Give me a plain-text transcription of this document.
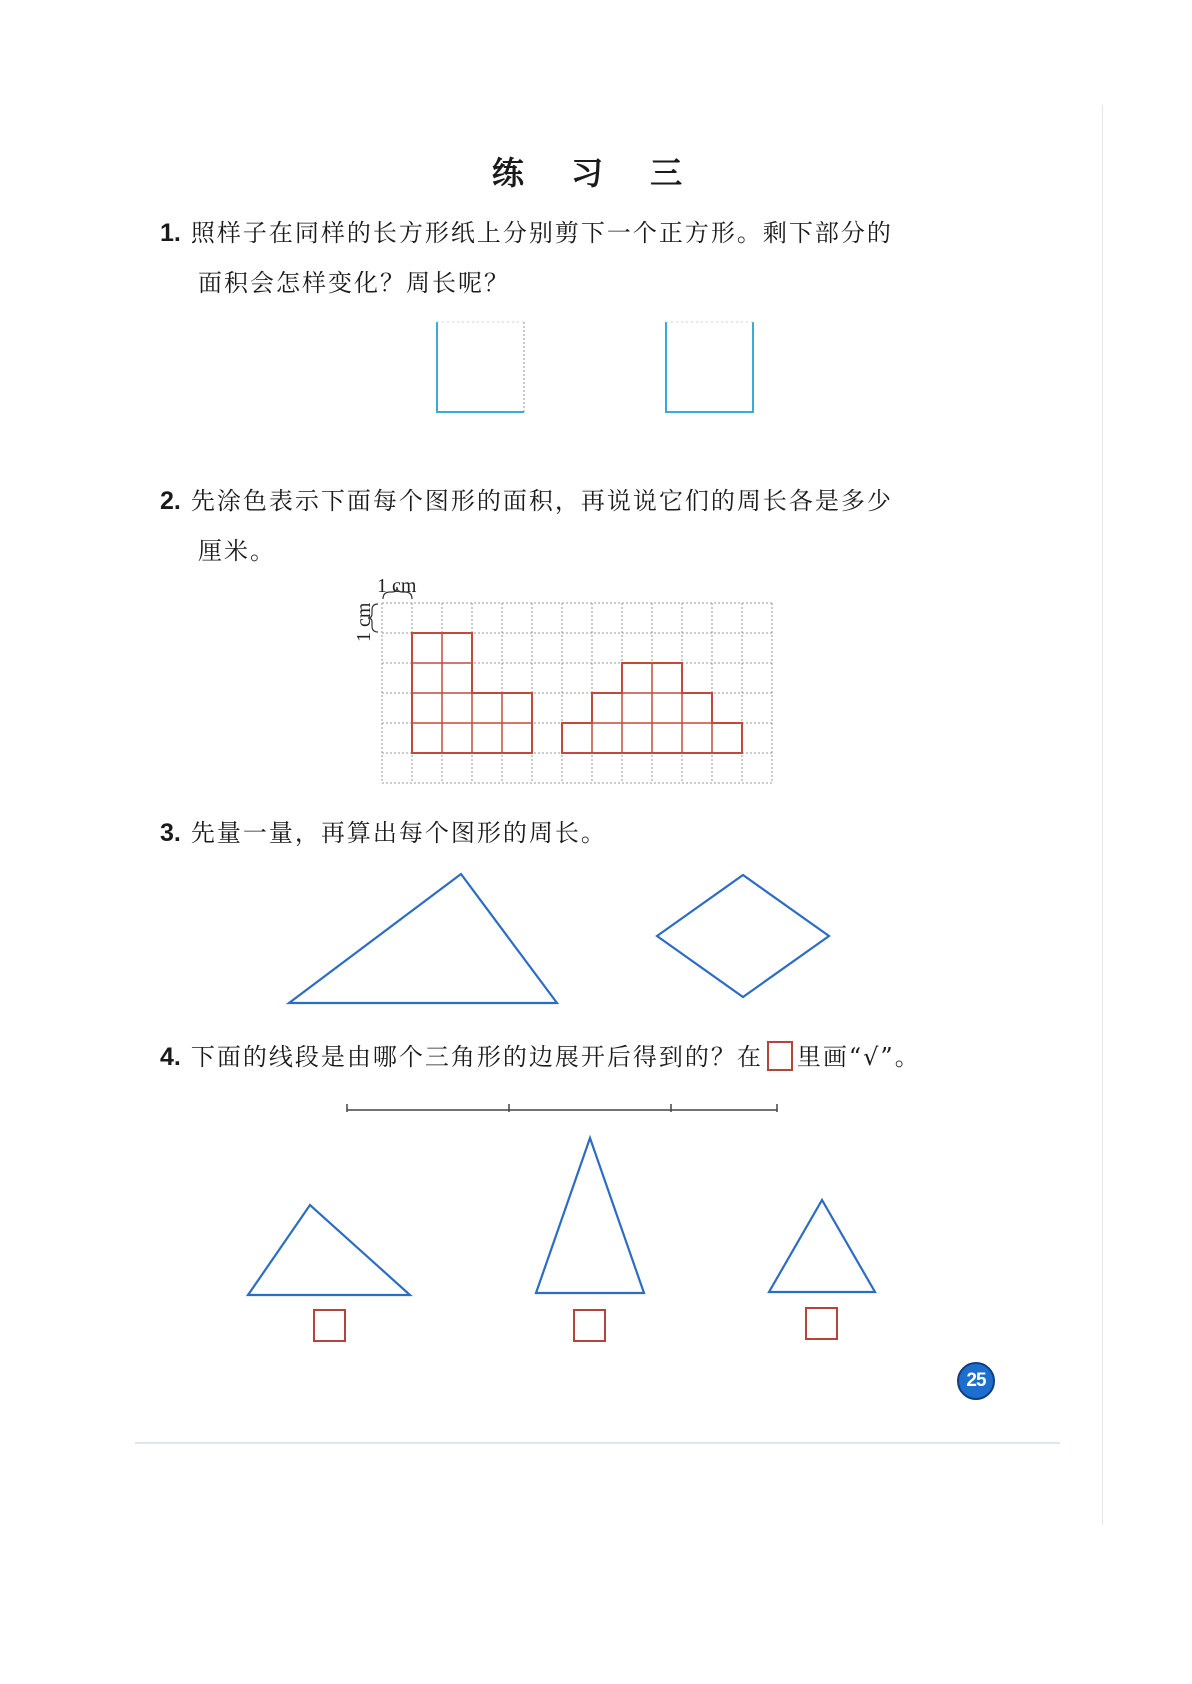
练 习 三
1. 照样子在同样的长方形纸上分别剪下一个正方形。剩下部分的
面积会怎样变化？周长呢？
2. 先涂色表示下面每个图形的面积，再说说它们的周长各是多少
厘米。
3. 先量一量，再算出每个图形的周长。
4. 下面的线段是由哪个三角形的边展开后得到的？在 里画“√”。
1 cm
1 cm
25
